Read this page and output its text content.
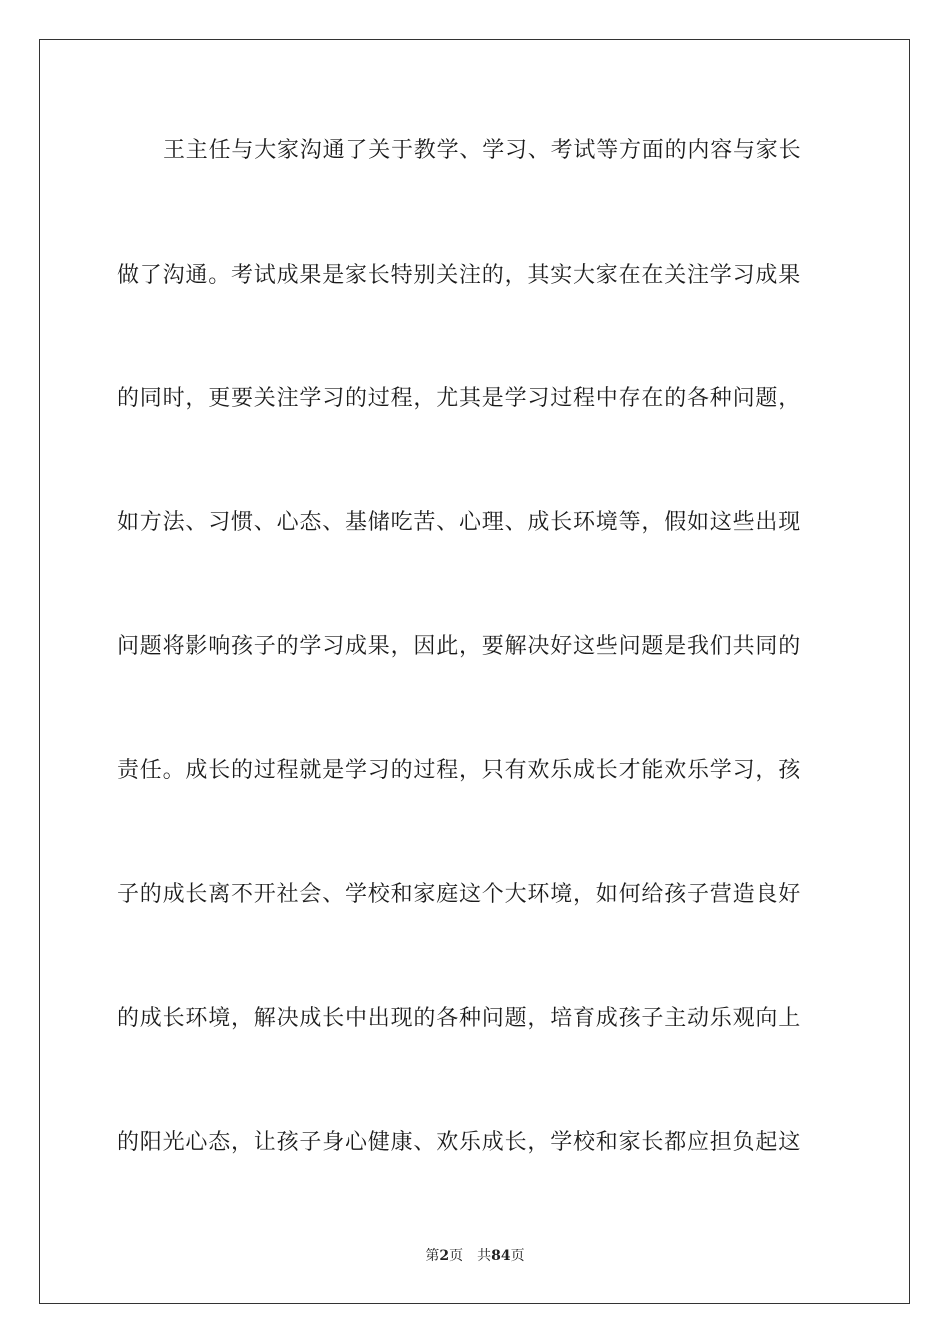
王主任与大家沟通了关于教学、学习、考试等方面的内容与家长
做了沟通。考试成果是家长特别关注的，其实大家在在关注学习成果
的同时，更要关注学习的过程，尤其是学习过程中存在的各种问题，
如方法、习惯、心态、基储吃苦、心理、成长环境等，假如这些出现
问题将影响孩子的学习成果，因此，要解决好这些问题是我们共同的
责任。成长的过程就是学习的过程，只有欢乐成长才能欢乐学习，孩
子的成长离不开社会、学校和家庭这个大环境，如何给孩子营造良好
的成长环境，解决成长中出现的各种问题，培育成孩子主动乐观向上
的阳光心态，让孩子身心健康、欢乐成长，学校和家长都应担负起这
第2页 共84页
